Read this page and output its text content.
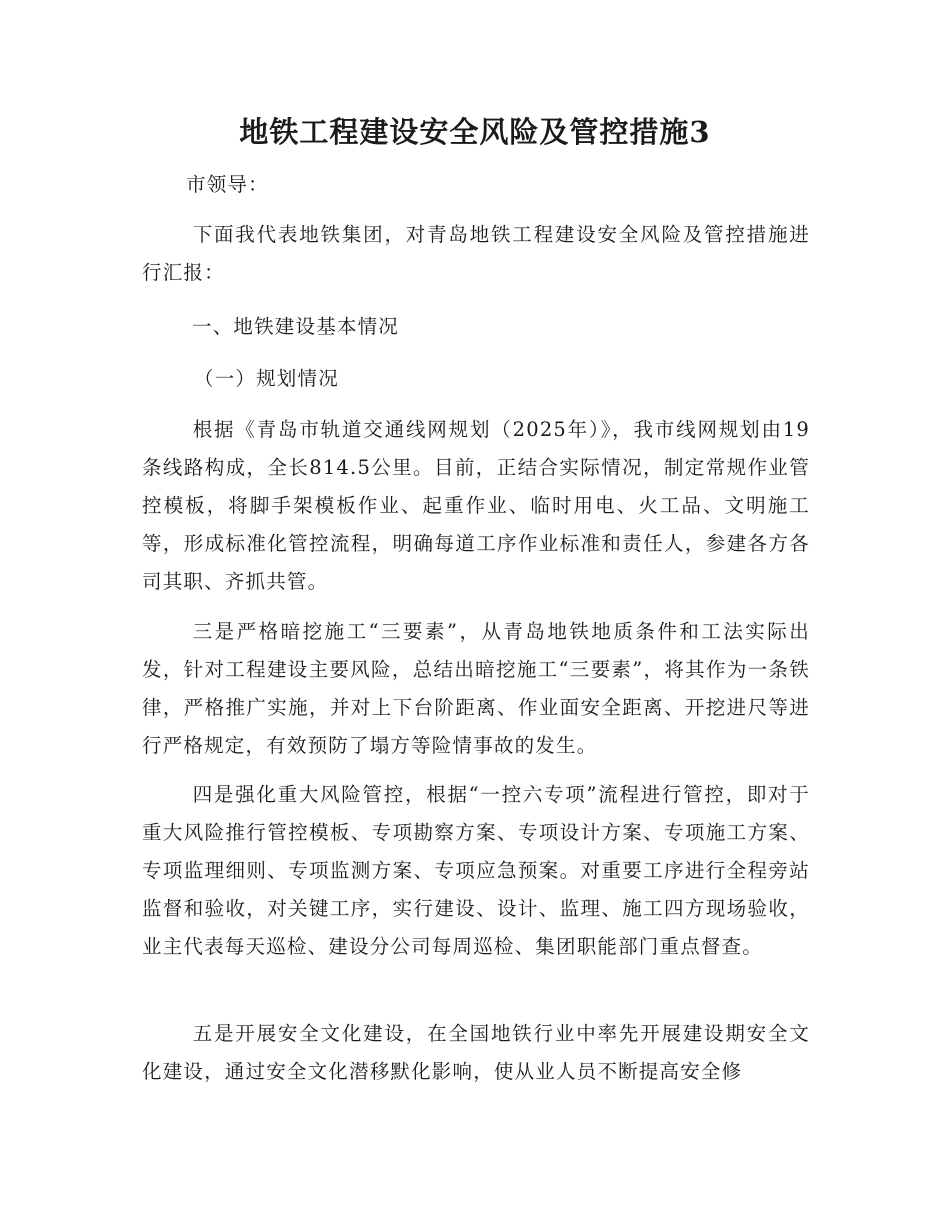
地铁工程建设安全风险及管控措施3

市领导：

下面我代表地铁集团，对青岛地铁工程建设安全风险及管控措施进行汇报：

一、地铁建设基本情况

（一）规划情况

根据《青岛市轨道交通线网规划（2025年）》，我市线网规划由19条线路构成，全长814.5公里。目前，正结合实际情况，制定常规作业管控模板，将脚手架模板作业、起重作业、临时用电、火工品、文明施工等，形成标准化管控流程，明确每道工序作业标准和责任人，参建各方各司其职、齐抓共管。

三是严格暗挖施工“三要素”，从青岛地铁地质条件和工法实际出发，针对工程建设主要风险，总结出暗挖施工“三要素”，将其作为一条铁律，严格推广实施，并对上下台阶距离、作业面安全距离、开挖进尺等进行严格规定，有效预防了塌方等险情事故的发生。

四是强化重大风险管控，根据“一控六专项”流程进行管控，即对于重大风险推行管控模板、专项勘察方案、专项设计方案、专项施工方案、专项监理细则、专项监测方案、专项应急预案。对重要工序进行全程旁站监督和验收，对关键工序，实行建设、设计、监理、施工四方现场验收，业主代表每天巡检、建设分公司每周巡检、集团职能部门重点督查。

五是开展安全文化建设，在全国地铁行业中率先开展建设期安全文化建设，通过安全文化潜移默化影响，使从业人员不断提高安全修
